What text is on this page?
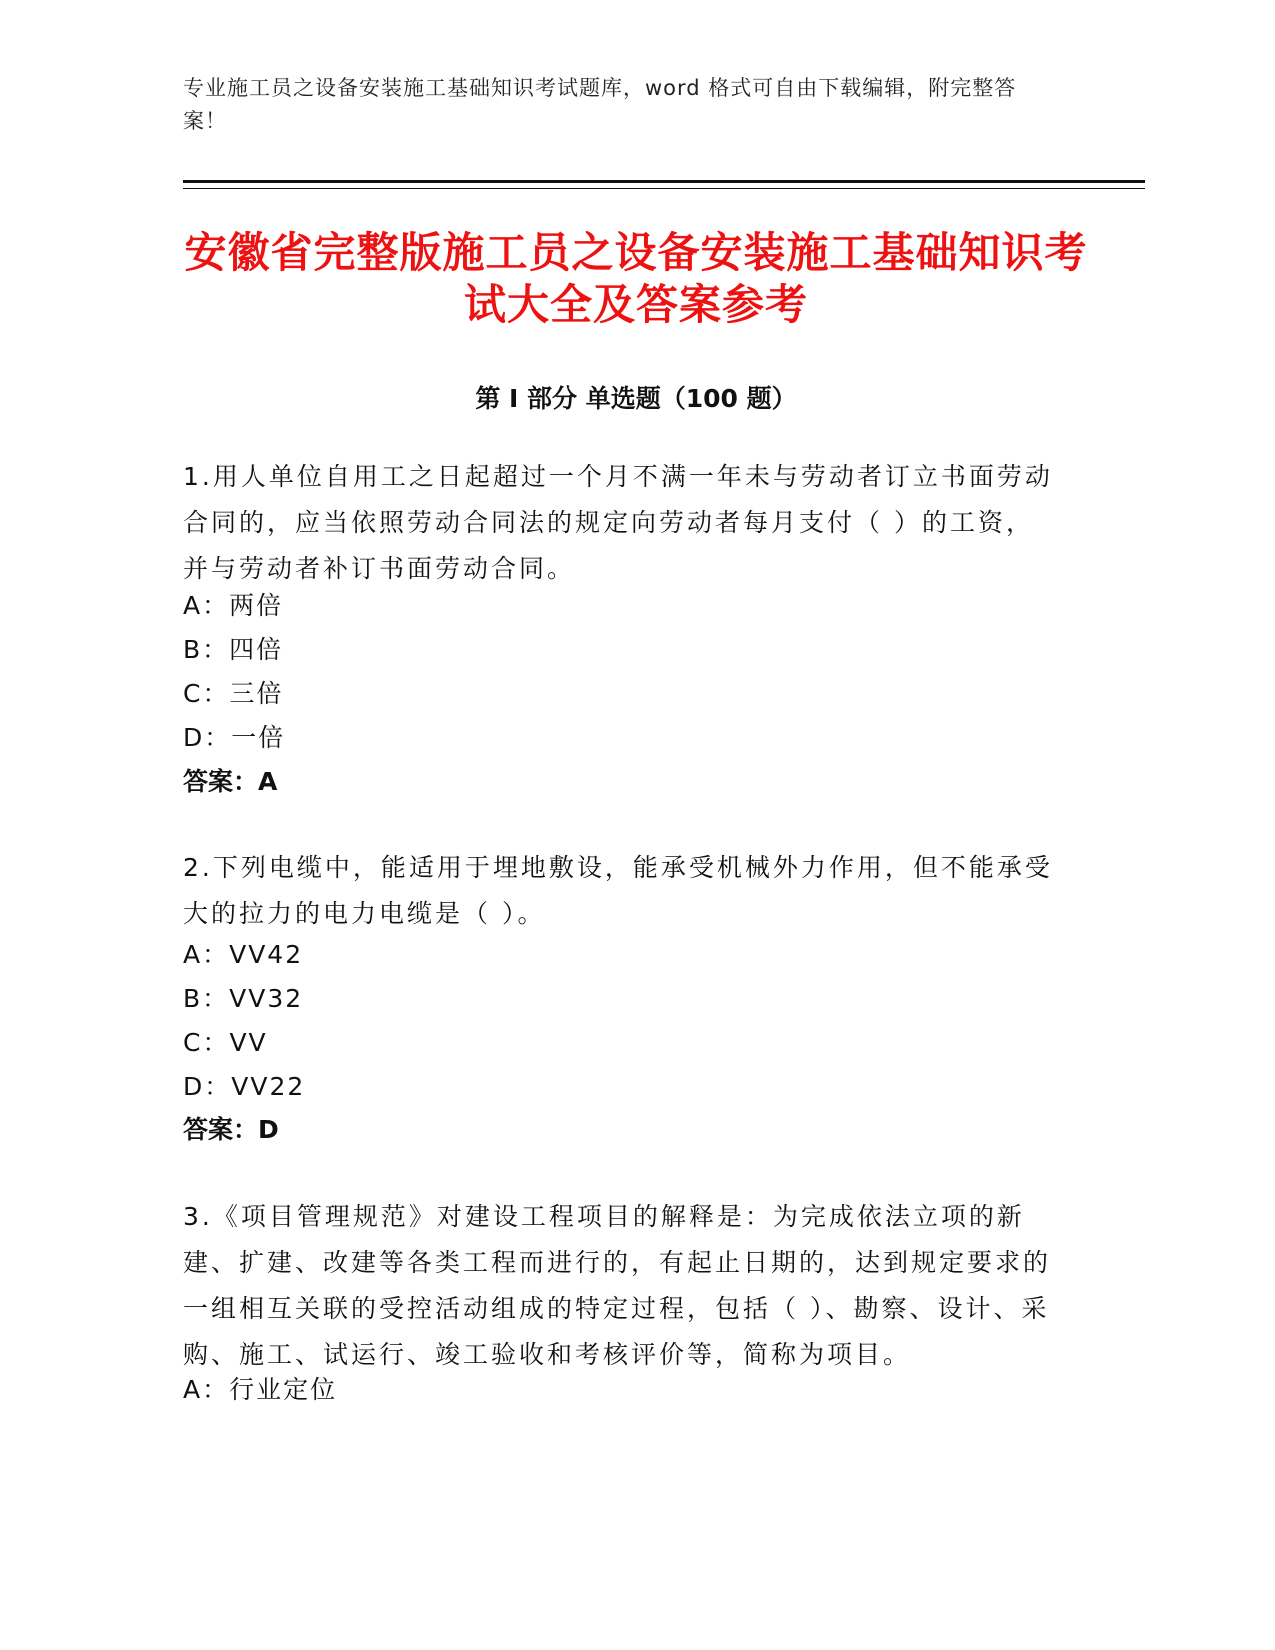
专业施工员之设备安装施工基础知识考试题库，word 格式可自由下载编辑，附完整答案！
安徽省完整版施工员之设备安装施工基础知识考试大全及答案参考
第 I 部分 单选题（100 题）
1.用人单位自用工之日起超过一个月不满一年未与劳动者订立书面劳动合同的，应当依照劳动合同法的规定向劳动者每月支付（ ）的工资，并与劳动者补订书面劳动合同。
A：两倍
B：四倍
C：三倍
D：一倍
答案：A
2.下列电缆中，能适用于埋地敷设，能承受机械外力作用，但不能承受大的拉力的电力电缆是（ ）。
A：VV42
B：VV32
C：VV
D：VV22
答案：D
3.《项目管理规范》对建设工程项目的解释是：为完成依法立项的新建、扩建、改建等各类工程而进行的，有起止日期的，达到规定要求的一组相互关联的受控活动组成的特定过程，包括（ ）、勘察、设计、采购、施工、试运行、竣工验收和考核评价等，简称为项目。
A：行业定位
